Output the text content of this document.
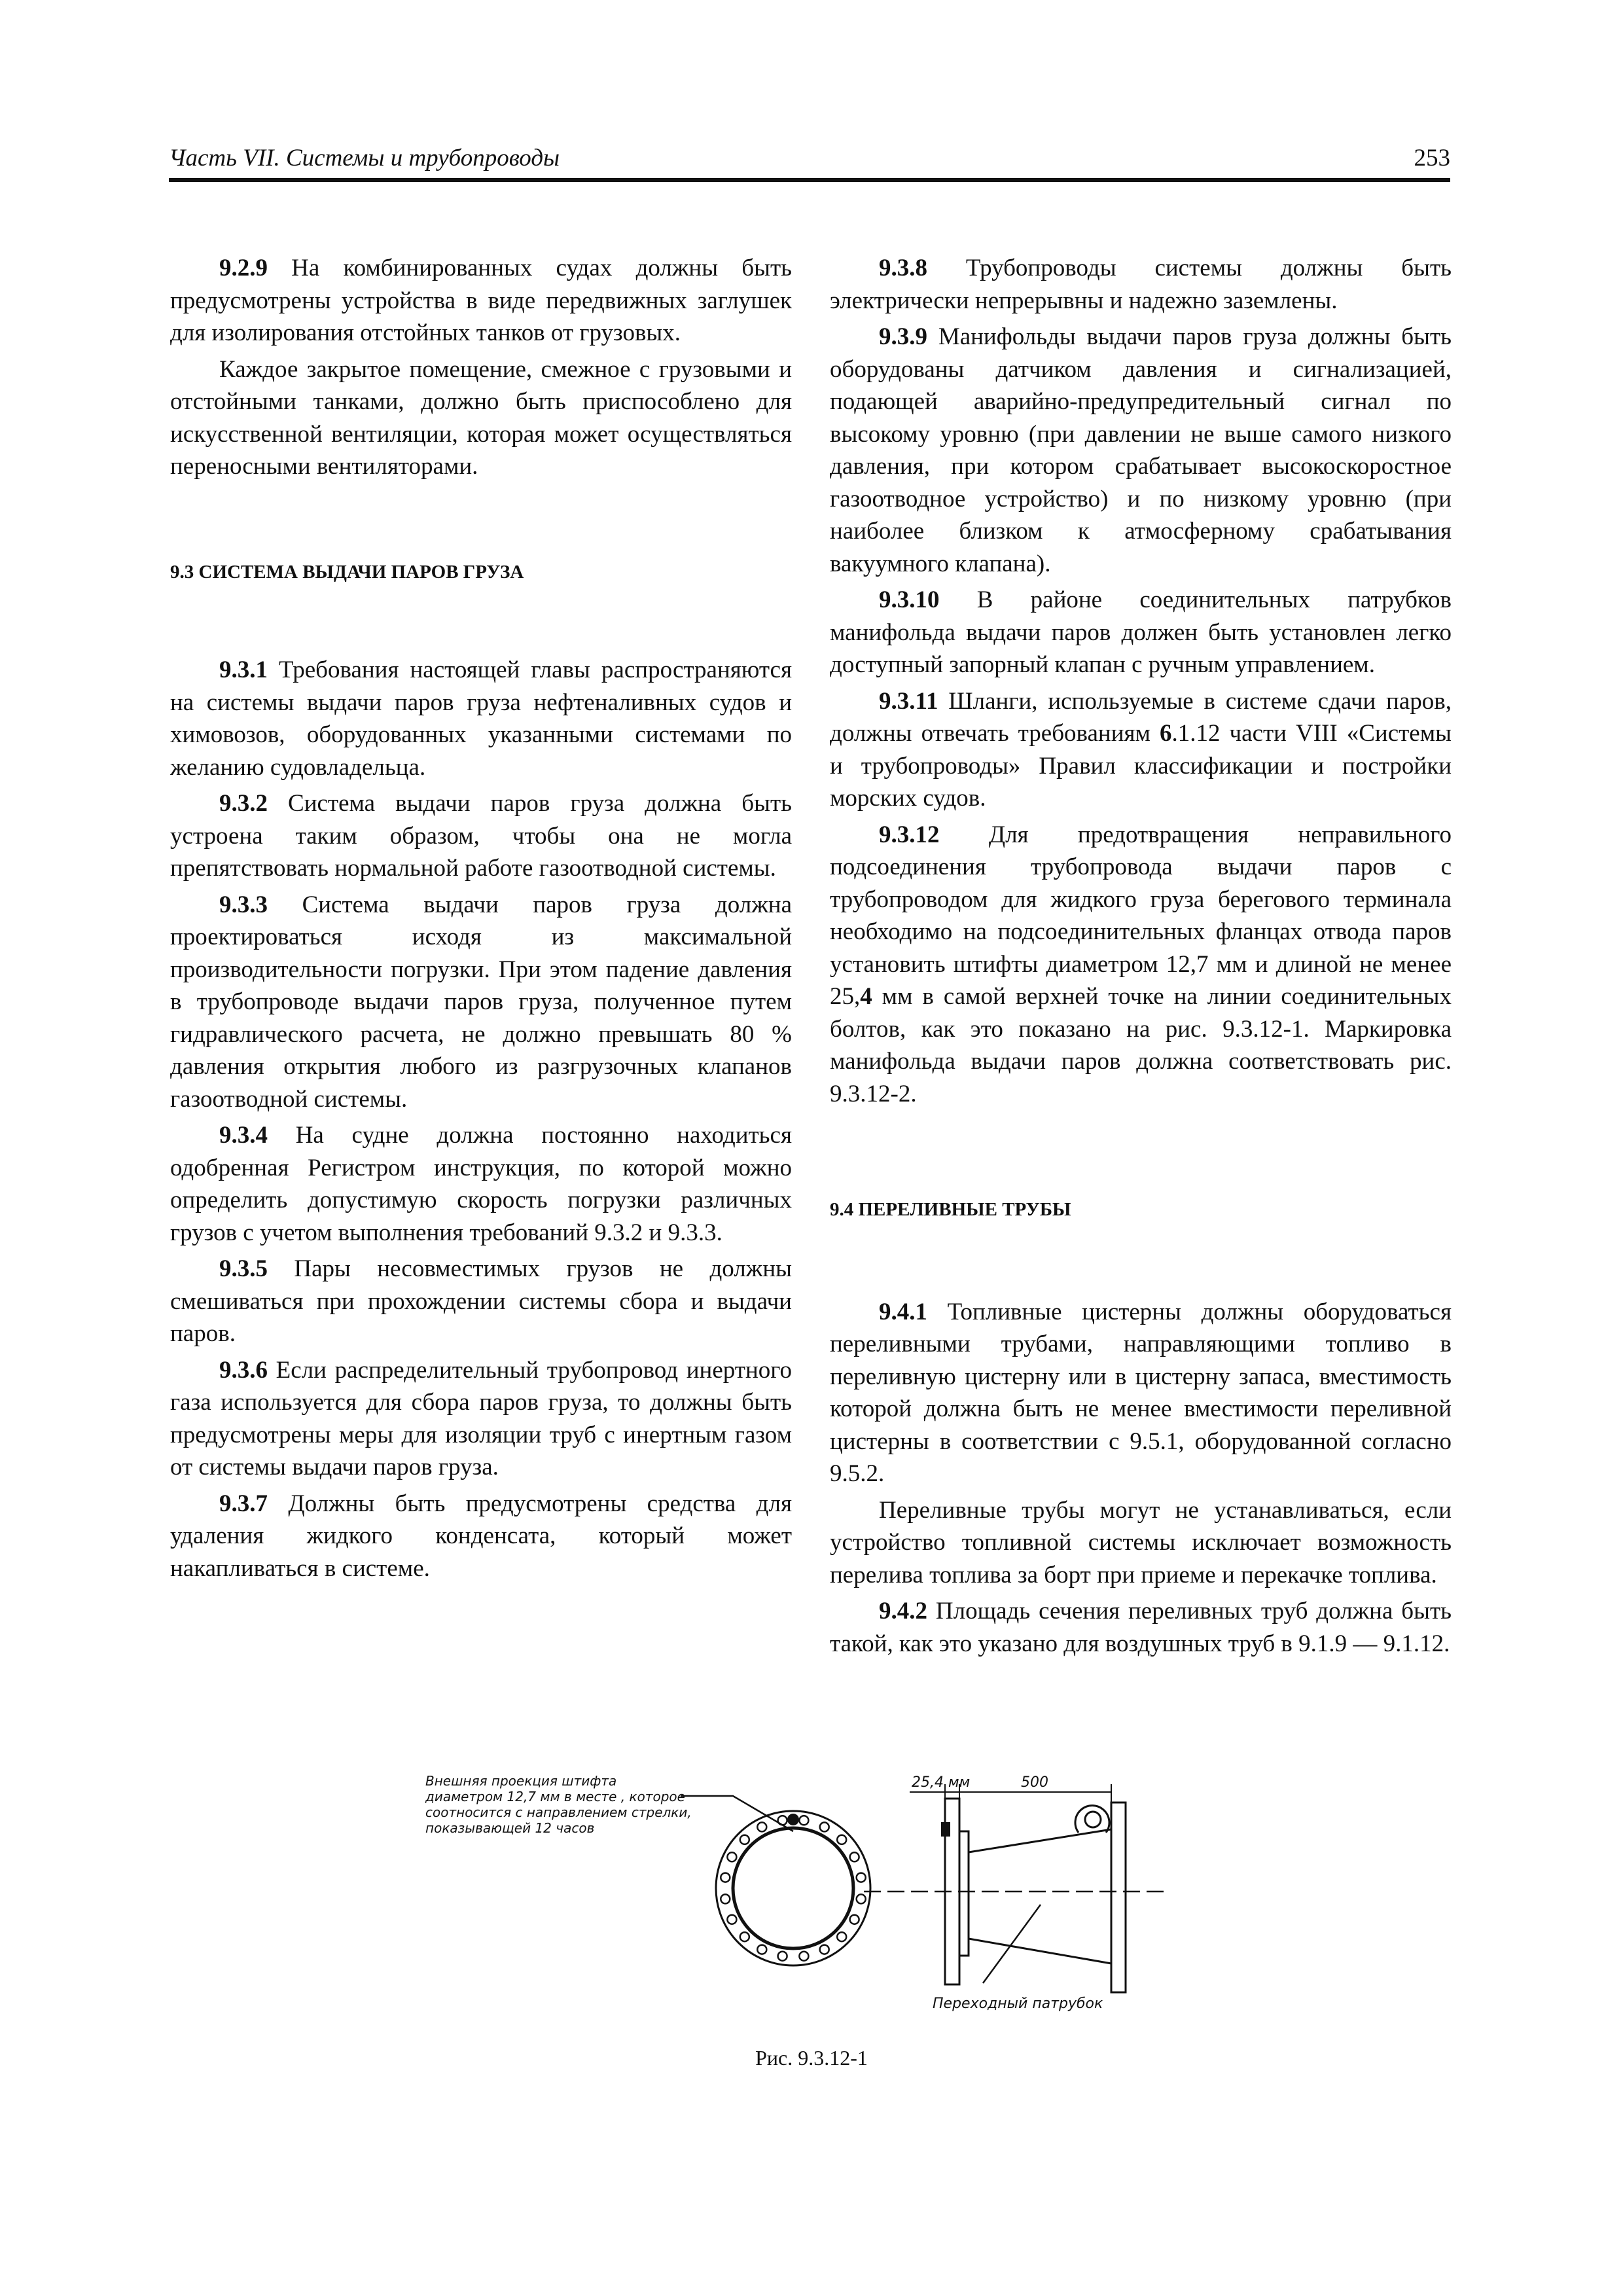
Часть VII. Системы и трубопроводы	253

9.2.9 На комбинированных судах должны быть предусмотрены устройства в виде передвижных заглушек для изолирования отстойных танков от грузовых.

Каждое закрытое помещение, смежное с грузовыми и отстойными танками, должно быть приспособлено для искусственной вентиляции, которая может осуществляться переносными вентиляторами.

9.3 СИСТЕМА ВЫДАЧИ ПАРОВ ГРУЗА

9.3.1 Требования настоящей главы распространяются на системы выдачи паров груза нефтеналивных судов и химовозов, оборудованных указанными системами по желанию судовладельца.

9.3.2 Система выдачи паров груза должна быть устроена таким образом, чтобы она не могла препятствовать нормальной работе газоотводной системы.

9.3.3 Система выдачи паров груза должна проектироваться исходя из максимальной производительности погрузки. При этом падение давления в трубопроводе выдачи паров груза, полученное путем гидравлического расчета, не должно превышать 80 % давления открытия любого из разгрузочных клапанов газоотводной системы.

9.3.4 На судне должна постоянно находиться одобренная Регистром инструкция, по которой можно определить допустимую скорость погрузки различных грузов с учетом выполнения требований 9.3.2 и 9.3.3.

9.3.5 Пары несовместимых грузов не должны смешиваться при прохождении системы сбора и выдачи паров.

9.3.6 Если распределительный трубопровод инертного газа используется для сбора паров груза, то должны быть предусмотрены меры для изоляции труб с инертным газом от системы выдачи паров груза.

9.3.7 Должны быть предусмотрены средства для удаления жидкого конденсата, который может накапливаться в системе.

9.3.8 Трубопроводы системы должны быть электрически непрерывны и надежно заземлены.

9.3.9 Манифольды выдачи паров груза должны быть оборудованы датчиком давления и сигнализацией, подающей аварийно-предупредительный сигнал по высокому уровню (при давлении не выше самого низкого давления, при котором срабатывает высокоскоростное газоотводное устройство) и по низкому уровню (при наиболее близком к атмосферному срабатывания вакуумного клапана).

9.3.10 В районе соединительных патрубков манифольда выдачи паров должен быть установлен легко доступный запорный клапан с ручным управлением.

9.3.11 Шланги, используемые в системе сдачи паров, должны отвечать требованиям 6.1.12 части VIII «Системы и трубопроводы» Правил классификации и постройки морских судов.

9.3.12 Для предотвращения неправильного подсоединения трубопровода выдачи паров с трубопроводом для жидкого груза берегового терминала необходимо на подсоединительных фланцах отвода паров установить штифты диаметром 12,7 мм и длиной не менее 25,4 мм в самой верхней точке на линии соединительных болтов, как это показано на рис. 9.3.12-1. Маркировка манифольда выдачи паров должна соответствовать рис. 9.3.12-2.

9.4 ПЕРЕЛИВНЫЕ ТРУБЫ

9.4.1 Топливные цистерны должны оборудоваться переливными трубами, направляющими топливо в переливную цистерну или в цистерну запаса, вместимость которой должна быть не менее вместимости переливной цистерны в соответствии с 9.5.1, оборудованной согласно 9.5.2.

Переливные трубы могут не устанавливаться, если устройство топливной системы исключает возможность перелива топлива за борт при приеме и перекачке топлива.

9.4.2 Площадь сечения переливных труб должна быть такой, как это указано для воздушных труб в 9.1.9 — 9.1.12.

Внешняя проекция штифта
диаметром 12,7 мм в месте , которое
соотносится с направлением стрелки,
показывающей 12 часов
25,4 мм	500
Переходный патрубок
Рис. 9.3.12-1
